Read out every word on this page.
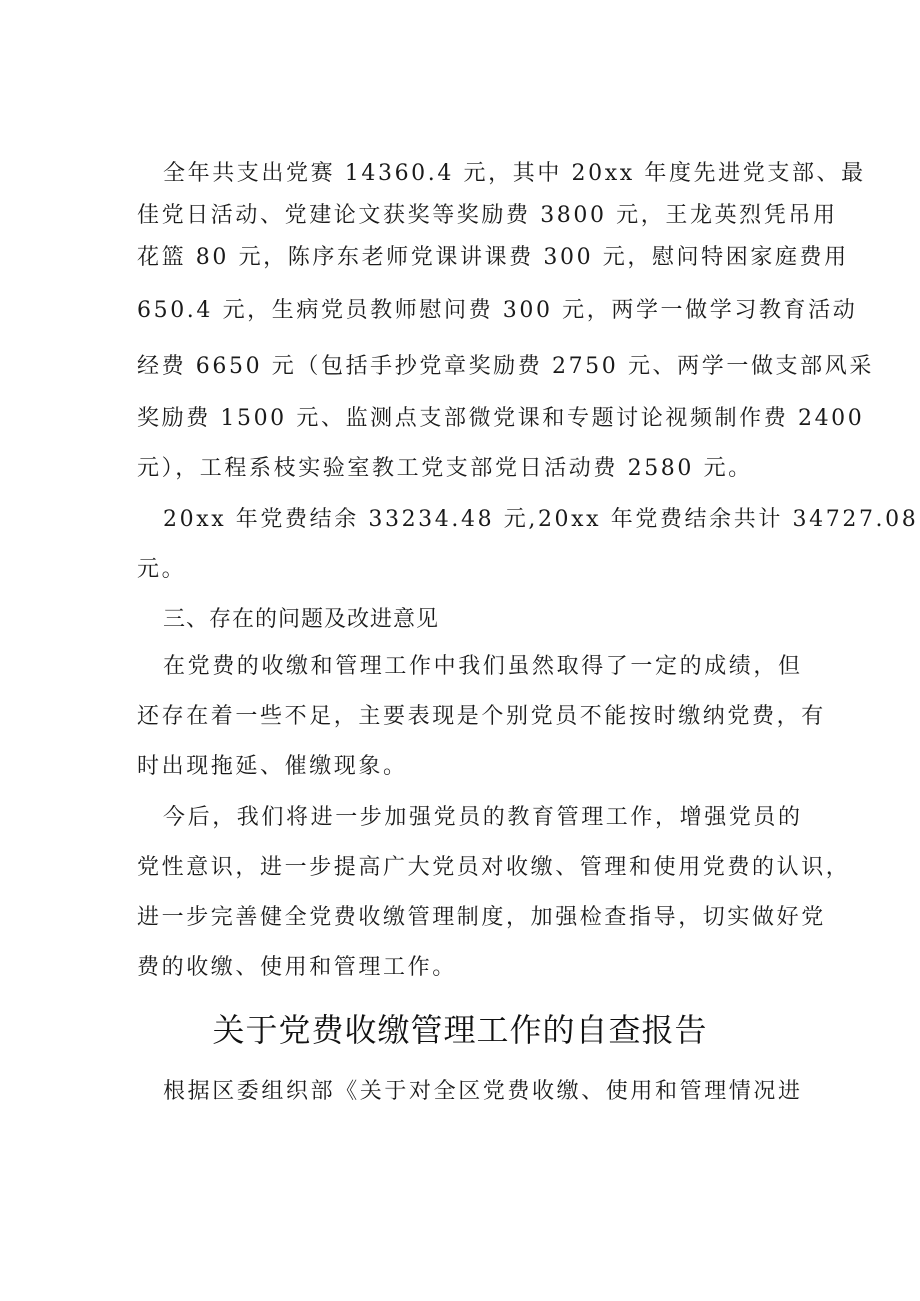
全年共支出党赛 14360.4 元，其中 20xx 年度先进党支部、最
佳党日活动、党建论文获奖等奖励费 3800 元，王龙英烈凭吊用
花篮 80 元，陈序东老师党课讲课费 300 元，慰问特困家庭费用
650.4 元，生病党员教师慰问费 300 元，两学一做学习教育活动
经费 6650 元（包括手抄党章奖励费 2750 元、两学一做支部风采
奖励费 1500 元、监测点支部微党课和专题讨论视频制作费 2400
元），工程系枝实验室教工党支部党日活动费 2580 元。
20xx 年党费结余 33234.48 元,20xx 年党费结余共计 34727.08
元。
三、存在的问题及改进意见
在党费的收缴和管理工作中我们虽然取得了一定的成绩，但
还存在着一些不足，主要表现是个别党员不能按时缴纳党费，有
时出现拖延、催缴现象。
今后，我们将进一步加强党员的教育管理工作，增强党员的
党性意识，进一步提高广大党员对收缴、管理和使用党费的认识，
进一步完善健全党费收缴管理制度，加强检查指导，切实做好党
费的收缴、使用和管理工作。
关于党费收缴管理工作的自查报告
根据区委组织部《关于对全区党费收缴、使用和管理情况进
